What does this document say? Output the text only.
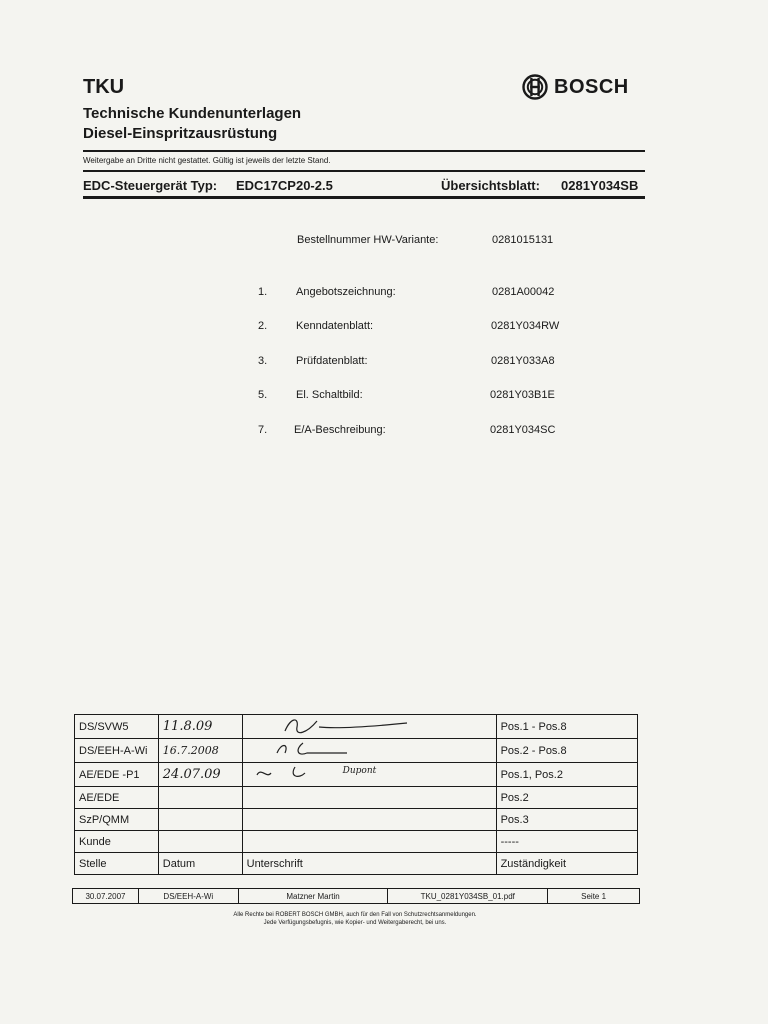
TKU
Technische Kundenunterlagen
Diesel-Einspritzausrüstung
BOSCH
Weitergabe an Dritte nicht gestattet. Gültig ist jeweils der letzte Stand.
EDC-Steuergerät Typ: EDC17CP20-2.5	Übersichtsblatt: 0281Y034SB
Bestellnummer HW-Variante:	0281015131
1.	Angebotszeichnung:	0281A00042
2.	Kenndatenblatt:	0281Y034RW
3.	Prüfdatenblatt:	0281Y033A8
5.	El. Schaltbild:	0281Y03B1E
7. E/A-Beschreibung:	0281Y034SC
DS/SVW5	11.8.09		Pos.1 - Pos.8
DS/EEH-A-Wi	16.7.2008		Pos.2 - Pos.8
AE/EDE -P1	24.07.09	Dupont	Pos.1, Pos.2
AE/EDE			Pos.2
SzP/QMM			Pos.3
Kunde			-----
Stelle	Datum	Unterschrift	Zuständigkeit
30.07.2007	DS/EEH-A-Wi	Matzner Martin	TKU_0281Y034SB_01.pdf	Seite 1
Alle Rechte bei ROBERT BOSCH GMBH, auch für den Fall von Schutzrechtsanmeldungen.
Jede Verfügungsbefugnis, wie Kopier- und Weitergaberecht, bei uns.
